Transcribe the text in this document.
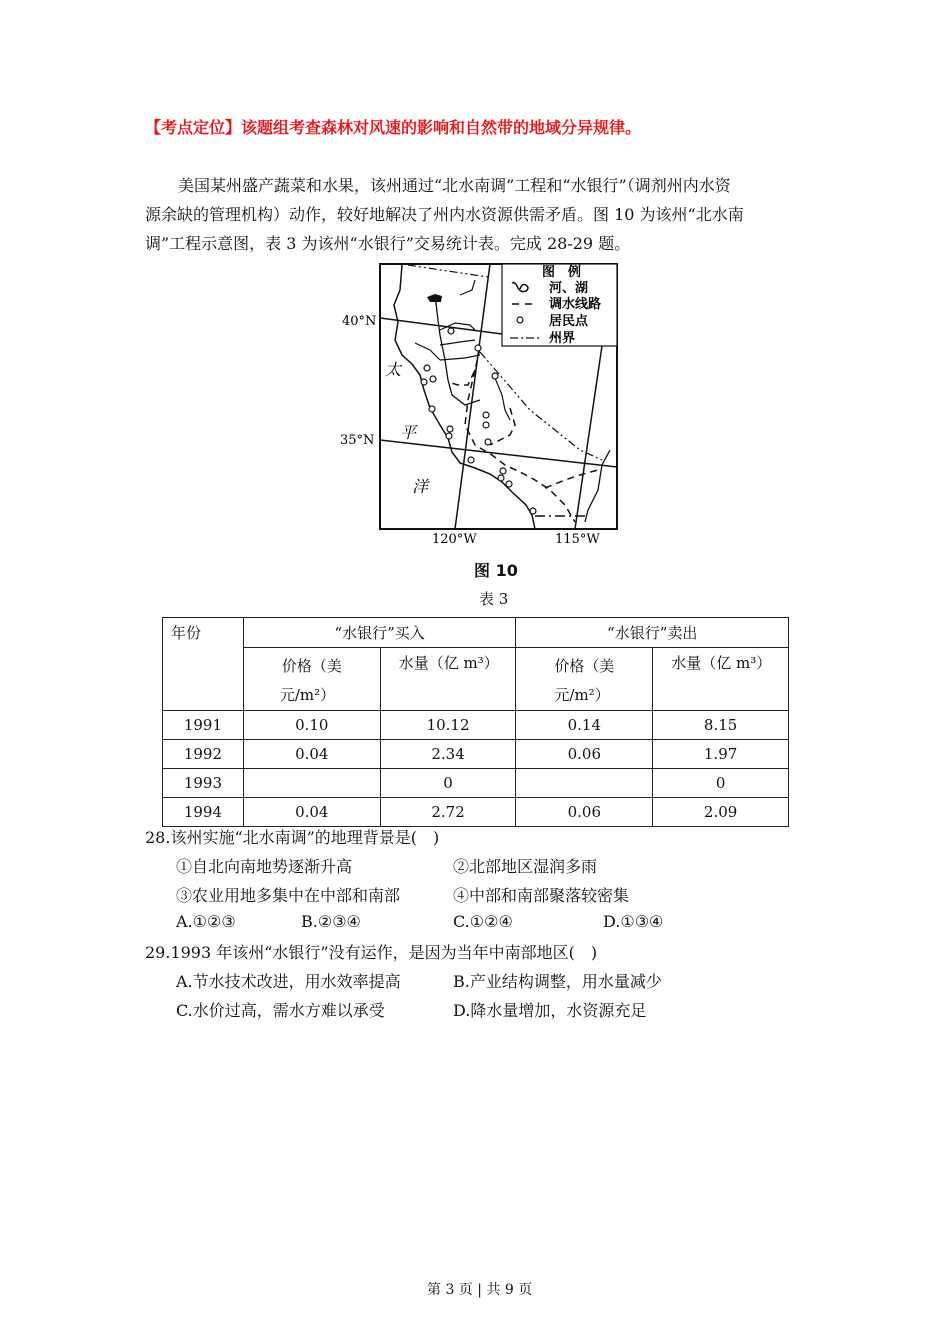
【考点定位】该题组考查森林对风速的影响和自然带的地域分异规律。
美国某州盛产蔬菜和水果，该州通过“北水南调”工程和“水银行”（调剂州内水资
源余缺的管理机构）动作，较好地解决了州内水资源供需矛盾。图 10 为该州“北水南
调”工程示意图，表 3 为该州“水银行”交易统计表。完成 28-29 题。
图　例
河、湖
调水线路
居民点
州界
40°N
35°N
120°W	115°W
太
平
洋
图 10
表 3
年份	“水银行”买入		“水银行”卖出	
	价格（美
元/m²）	水量（亿 m³）	价格（美
元/m²）	水量（亿 m³）
1991	0.10	10.12	0.14	8.15
1992	0.04	2.34	0.06	1.97
1993		0		0
1994	0.04	2.72	0.06	2.09
28.该州实施“北水南调”的地理背景是(　)
①自北向南地势逐渐升高	②北部地区湿润多雨
③农业用地多集中在中部和南部	④中部和南部聚落较密集
A.①②③	B.②③④	C.①②④	D.①③④
29.1993 年该州“水银行”没有运作，是因为当年中南部地区(　)
A.节水技术改进，用水效率提高	B.产业结构调整，用水量减少
C.水价过高，需水方难以承受	D.降水量增加，水资源充足
第 3 页 | 共 9 页
